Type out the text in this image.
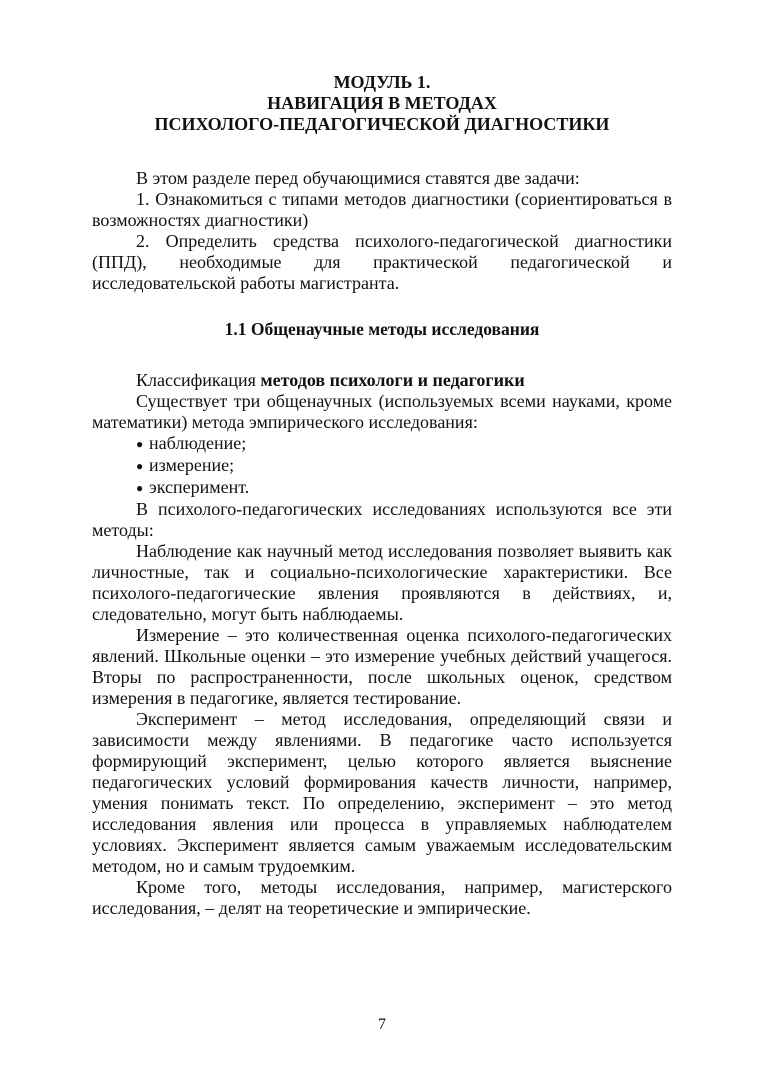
МОДУЛЬ 1.
НАВИГАЦИЯ В МЕТОДАХ
ПСИХОЛОГО-ПЕДАГОГИЧЕСКОЙ ДИАГНОСТИКИ

В этом разделе перед обучающимися ставятся две задачи:

1. Ознакомиться с типами методов диагностики (сориентироваться в возможностях диагностики)

2. Определить средства психолого-педагогической диагностики (ППД), необходимые для практической педагогической и исследовательской работы магистранта.

1.1 Общенаучные методы исследования

Классификация методов психологи и педагогики

Существует три общенаучных (используемых всеми науками, кроме математики) метода эмпирического исследования:

● наблюдение;
● измерение;
● эксперимент.

В психолого-педагогических исследованиях используются все эти методы:

Наблюдение как научный метод исследования позволяет выявить как личностные, так и социально-психологические характеристики. Все психолого-педагогические явления проявляются в действиях, и, следовательно, могут быть наблюдаемы.

Измерение – это количественная оценка психолого-педагогических явлений. Школьные оценки – это измерение учебных действий учащегося. Вторы по распространенности, после школьных оценок, средством измерения в педагогике, является тестирование.

Эксперимент – метод исследования, определяющий связи и зависимости между явлениями. В педагогике часто используется формирующий эксперимент, целью которого является выяснение педагогических условий формирования качеств личности, например, умения понимать текст. По определению, эксперимент – это метод исследования явления или процесса в управляемых наблюдателем условиях. Эксперимент является самым уважаемым исследовательским методом, но и самым трудоемким.

Кроме того, методы исследования, например, магистерского исследования, – делят на теоретические и эмпирические.

7
